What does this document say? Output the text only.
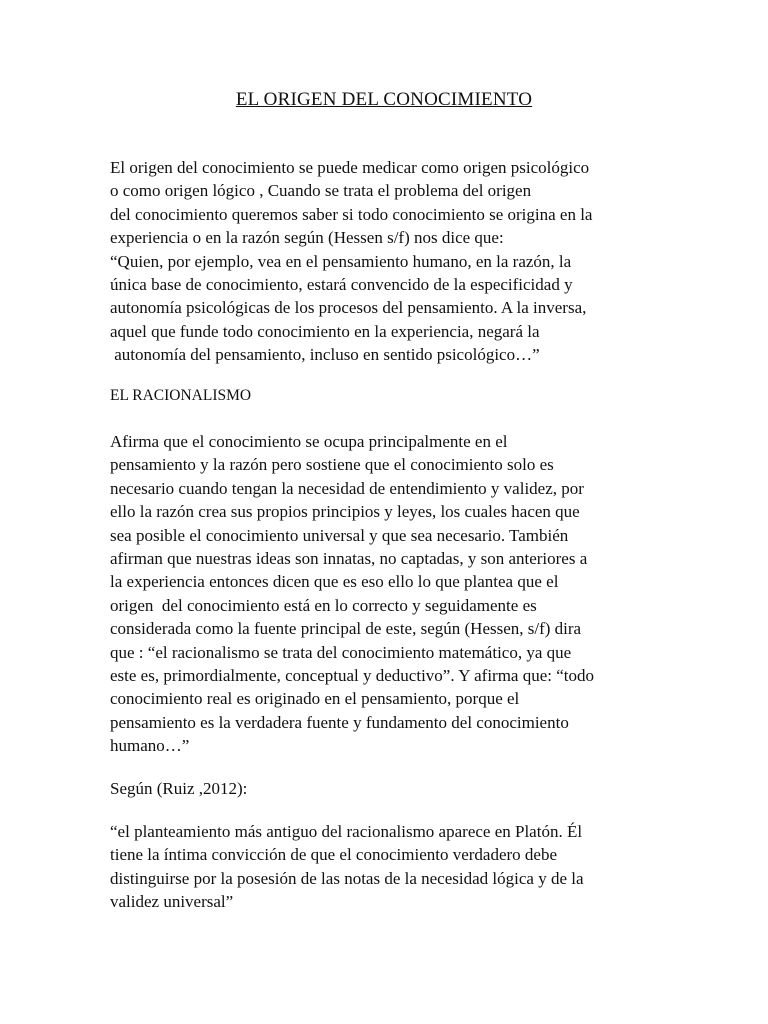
EL ORIGEN DEL CONOCIMIENTO
El origen del conocimiento se puede medicar como origen psicológico
o como origen lógico , Cuando se trata el problema del origen
del conocimiento queremos saber si todo conocimiento se origina en la
experiencia o en la razón según (Hessen s/f) nos dice que:
“Quien, por ejemplo, vea en el pensamiento humano, en la razón, la
única base de conocimiento, estará convencido de la especificidad y
autonomía psicológicas de los procesos del pensamiento. A la inversa,
aquel que funde todo conocimiento en la experiencia, negará la
autonomía del pensamiento, incluso en sentido psicológico…”
EL RACIONALISMO
Afirma que el conocimiento se ocupa principalmente en el
pensamiento y la razón pero sostiene que el conocimiento solo es
necesario cuando tengan la necesidad de entendimiento y validez, por
ello la razón crea sus propios principios y leyes, los cuales hacen que
sea posible el conocimiento universal y que sea necesario. También
afirman que nuestras ideas son innatas, no captadas, y son anteriores a
la experiencia entonces dicen que es eso ello lo que plantea que el
origen  del conocimiento está en lo correcto y seguidamente es
considerada como la fuente principal de este, según (Hessen, s/f) dira
que : “el racionalismo se trata del conocimiento matemático, ya que
este es, primordialmente, conceptual y deductivo”. Y afirma que: “todo
conocimiento real es originado en el pensamiento, porque el
pensamiento es la verdadera fuente y fundamento del conocimiento
humano…”
Según (Ruiz ,2012):
“el planteamiento más antiguo del racionalismo aparece en Platón. Él
tiene la íntima convicción de que el conocimiento verdadero debe
distinguirse por la posesión de las notas de la necesidad lógica y de la
validez universal”
